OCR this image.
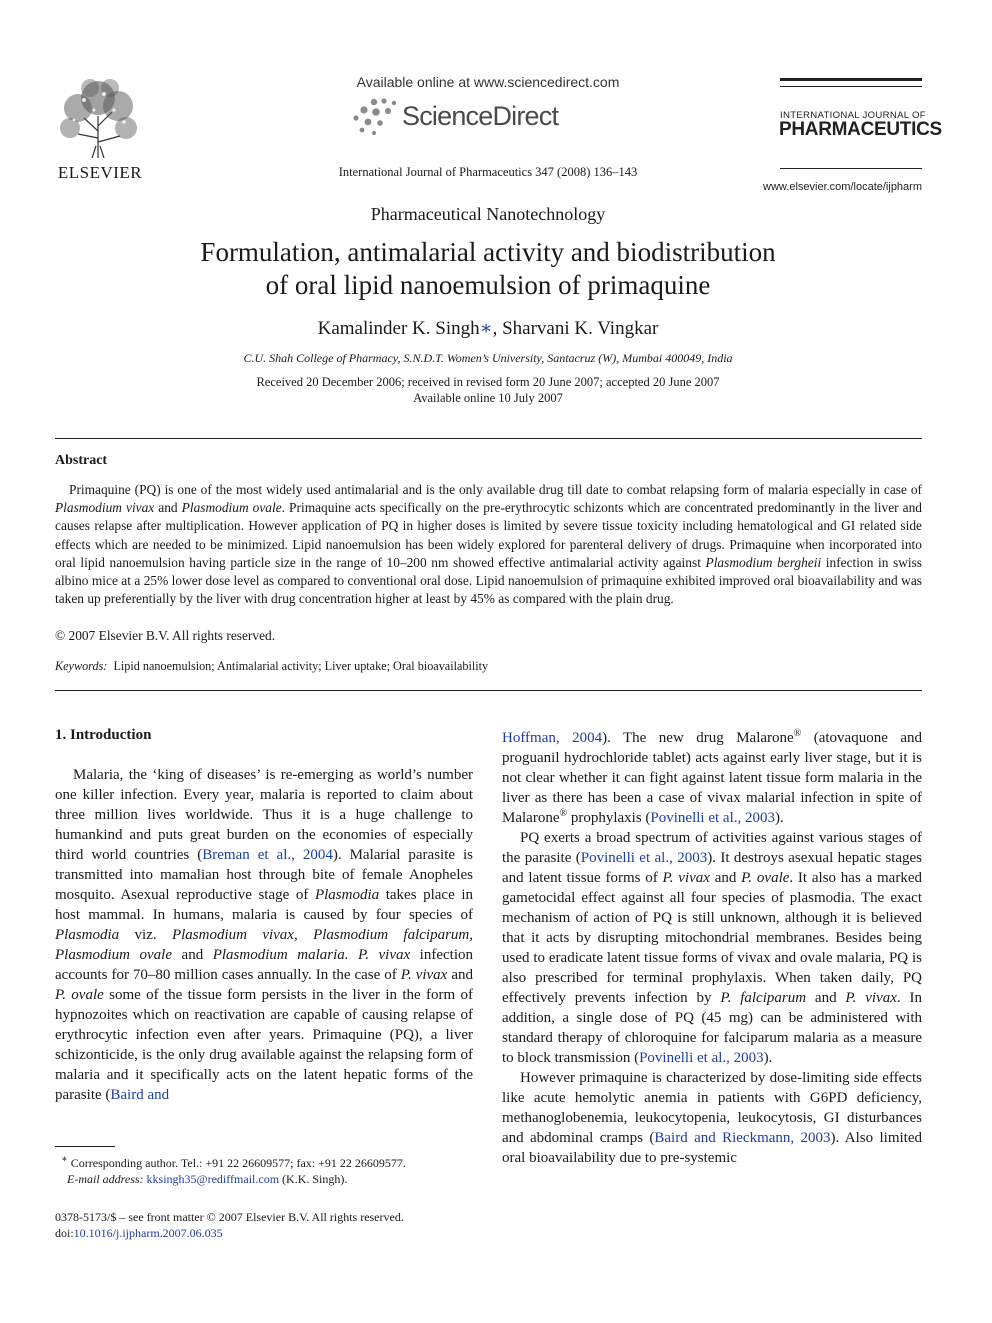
ELSEVIER
Available online at www.sciencedirect.com
ScienceDirect
International Journal of Pharmaceutics 347 (2008) 136–143
INTERNATIONAL JOURNAL OF
PHARMACEUTICS
www.elsevier.com/locate/ijpharm
Pharmaceutical Nanotechnology
Formulation, antimalarial activity and biodistribution
of oral lipid nanoemulsion of primaquine
Kamalinder K. Singh∗, Sharvani K. Vingkar
C.U. Shah College of Pharmacy, S.N.D.T. Women’s University, Santacruz (W), Mumbai 400049, India
Received 20 December 2006; received in revised form 20 June 2007; accepted 20 June 2007
Available online 10 July 2007
Abstract

Primaquine (PQ) is one of the most widely used antimalarial and is the only available drug till date to combat relapsing form of malaria especially in case of Plasmodium vivax and Plasmodium ovale. Primaquine acts specifically on the pre-erythrocytic schizonts which are concentrated predominantly in the liver and causes relapse after multiplication. However application of PQ in higher doses is limited by severe tissue toxicity including hematological and GI related side effects which are needed to be minimized. Lipid nanoemulsion has been widely explored for parenteral delivery of drugs. Primaquine when incorporated into oral lipid nanoemulsion having particle size in the range of 10–200 nm showed effective antimalarial activity against Plasmodium bergheii infection in swiss albino mice at a 25% lower dose level as compared to conventional oral dose. Lipid nanoemulsion of primaquine exhibited improved oral bioavailability and was taken up preferentially by the liver with drug concentration higher at least by 45% as compared with the plain drug.

© 2007 Elsevier B.V. All rights reserved.
Keywords: Lipid nanoemulsion; Antimalarial activity; Liver uptake; Oral bioavailability
1. Introduction

Malaria, the ‘king of diseases’ is re-emerging as world’s number one killer infection. Every year, malaria is reported to claim about three million lives worldwide. Thus it is a huge challenge to humankind and puts great burden on the economies of especially third world countries (Breman et al., 2004). Malarial parasite is transmitted into mamalian host through bite of female Anopheles mosquito. Asexual reproductive stage of Plasmodia takes place in host mammal. In humans, malaria is caused by four species of Plasmodia viz. Plasmodium vivax, Plasmodium falciparum, Plasmodium ovale and Plasmodium malaria. P. vivax infection accounts for 70–80 million cases annually. In the case of P. vivax and P. ovale some of the tissue form persists in the liver in the form of hypnozoites which on reactivation are capable of causing relapse of erythrocytic infection even after years. Primaquine (PQ), a liver schizonticide, is the only drug available against the relapsing form of malaria and it specifically acts on the latent hepatic forms of the parasite (Baird and

Hoffman, 2004). The new drug Malarone® (atovaquone and proguanil hydrochloride tablet) acts against early liver stage, but it is not clear whether it can fight against latent tissue form malaria in the liver as there has been a case of vivax malarial infection in spite of Malarone® prophylaxis (Povinelli et al., 2003).

PQ exerts a broad spectrum of activities against various stages of the parasite (Povinelli et al., 2003). It destroys asexual hepatic stages and latent tissue forms of P. vivax and P. ovale. It also has a marked gametocidal effect against all four species of plasmodia. The exact mechanism of action of PQ is still unknown, although it is believed that it acts by disrupting mitochondrial membranes. Besides being used to eradicate latent tissue forms of vivax and ovale malaria, PQ is also prescribed for terminal prophylaxis. When taken daily, PQ effectively prevents infection by P. falciparum and P. vivax. In addition, a single dose of PQ (45 mg) can be administered with standard therapy of chloroquine for falciparum malaria as a measure to block transmission (Povinelli et al., 2003).

However primaquine is characterized by dose-limiting side effects like acute hemolytic anemia in patients with G6PD deficiency, methanoglobenemia, leukocytopenia, leukocytosis, GI disturbances and abdominal cramps (Baird and Rieckmann, 2003). Also limited oral bioavailability due to pre-systemic

∗ Corresponding author. Tel.: +91 22 26609577; fax: +91 22 26609577.
E-mail address: kksingh35@rediffmail.com (K.K. Singh).
0378-5173/$ – see front matter © 2007 Elsevier B.V. All rights reserved.
doi:10.1016/j.ijpharm.2007.06.035
